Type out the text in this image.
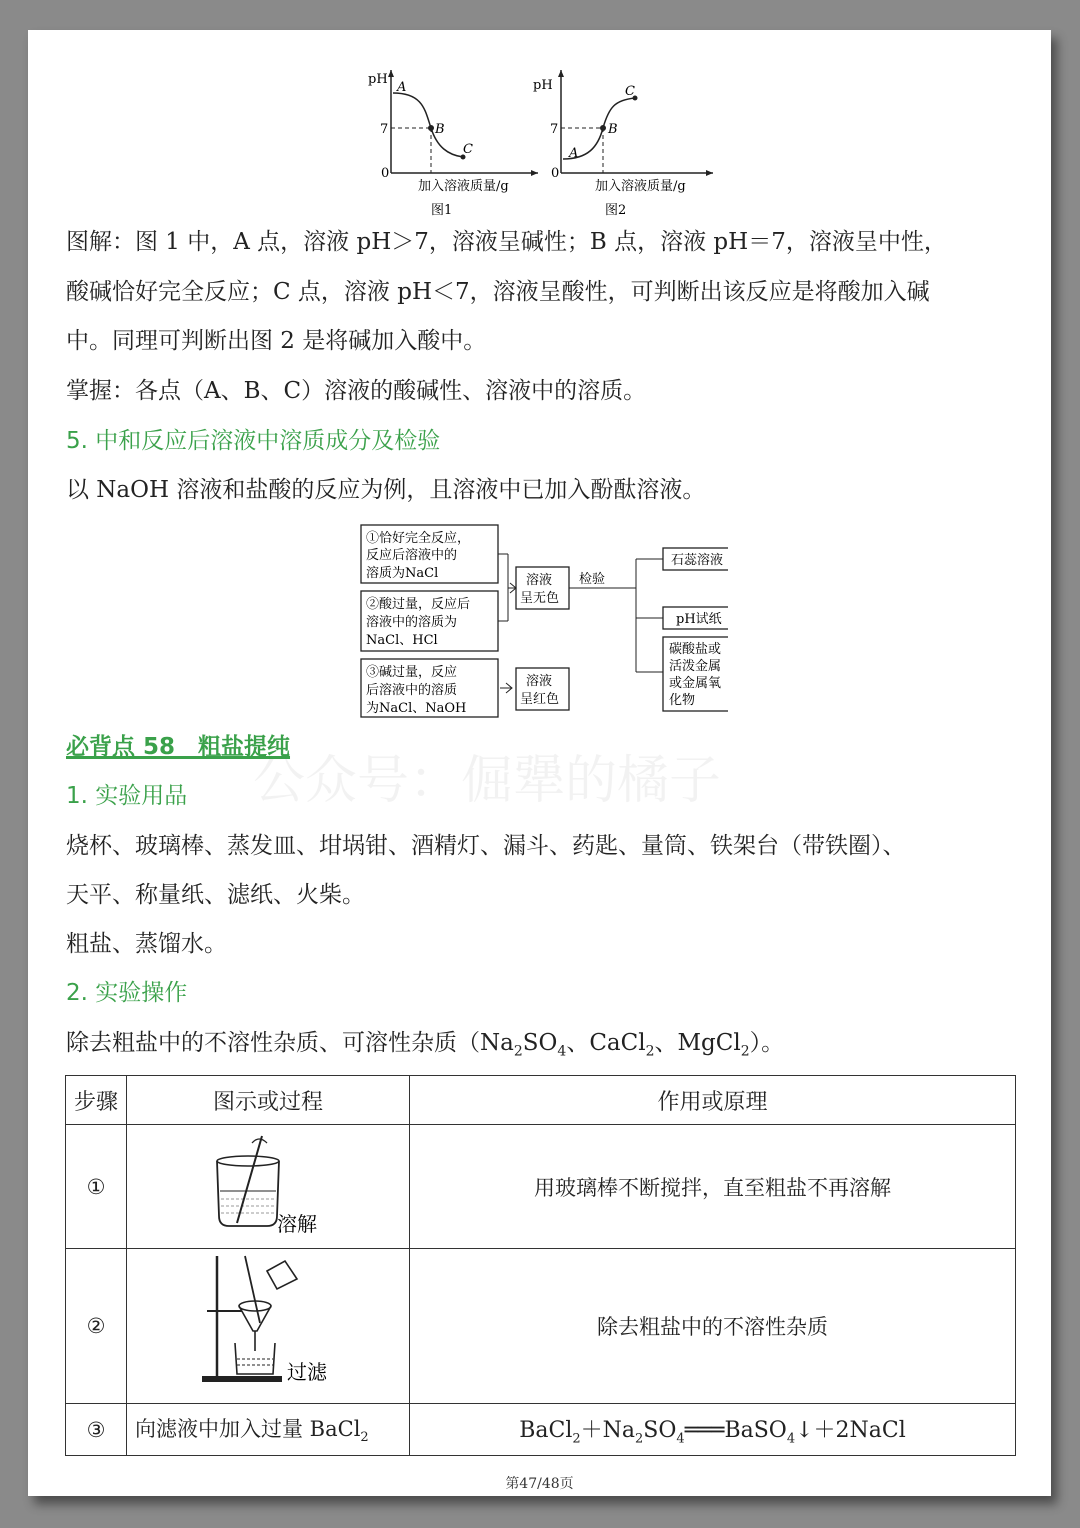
pH
7
0
A
B
C
加入溶液质量/g
图1
pH
7
0
A
B
C
加入溶液质量/g
图2
图解：图 1 中，A 点，溶液 pH＞7，溶液呈碱性；B 点，溶液 pH＝7，溶液呈中性，
酸碱恰好完全反应；C 点，溶液 pH＜7，溶液呈酸性，可判断出该反应是将酸加入碱
中。同理可判断出图 2 是将碱加入酸中。
掌握：各点（A、B、C）溶液的酸碱性、溶液中的溶质。
5. 中和反应后溶液中溶质成分及检验
以 NaOH 溶液和盐酸的反应为例，且溶液中已加入酚酞溶液。
①恰好完全反应，
反应后溶液中的
溶质为NaCl
②酸过量，反应后
溶液中的溶质为
NaCl、HCl
③碱过量，反应
后溶液中的溶质
为NaCl、NaOH
溶液
呈无色
检验
石蕊溶液
pH试纸
碳酸盐或
活泼金属
或金属氧
化物
溶液
呈红色
公众号：倔犟的橘子
必背点 58　粗盐提纯
1. 实验用品
烧杯、玻璃棒、蒸发皿、坩埚钳、酒精灯、漏斗、药匙、量筒、铁架台（带铁圈）、
天平、称量纸、滤纸、火柴。
粗盐、蒸馏水。
2. 实验操作
除去粗盐中的不溶性杂质、可溶性杂质（$Na_2SO_4$、CaCl$_2$、MgCl$_2$）。
步骤	图示或过程	作用或原理
①	溶解	用玻璃棒不断搅拌，直至粗盐不再溶解
②	过滤	除去粗盐中的不溶性杂质
③	向滤液中加入过量 BaCl$_2$	$BaCl_2+Na_2SO_4═══BaSO_4↓+2NaCl$
第47/48页
